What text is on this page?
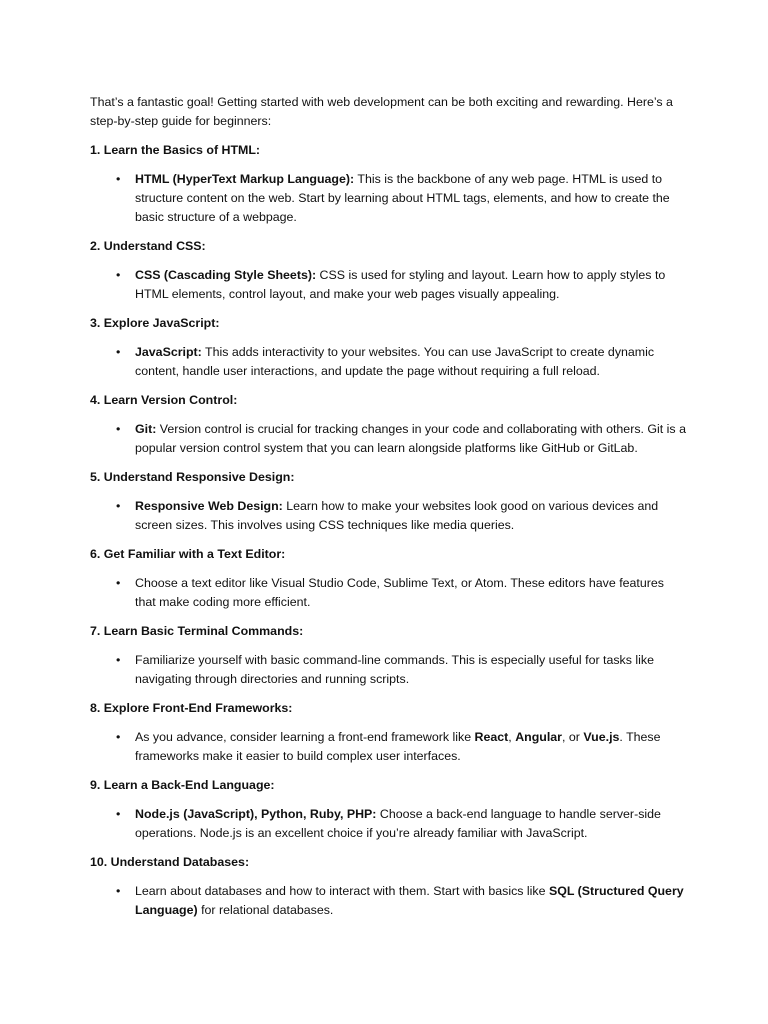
That’s a fantastic goal! Getting started with web development can be both exciting and rewarding. Here’s a step-by-step guide for beginners:

1. Learn the Basics of HTML:

• HTML (HyperText Markup Language): This is the backbone of any web page. HTML is used to structure content on the web. Start by learning about HTML tags, elements, and how to create the basic structure of a webpage.

2. Understand CSS:

• CSS (Cascading Style Sheets): CSS is used for styling and layout. Learn how to apply styles to HTML elements, control layout, and make your web pages visually appealing.

3. Explore JavaScript:

• JavaScript: This adds interactivity to your websites. You can use JavaScript to create dynamic content, handle user interactions, and update the page without requiring a full reload.

4. Learn Version Control:

• Git: Version control is crucial for tracking changes in your code and collaborating with others. Git is a popular version control system that you can learn alongside platforms like GitHub or GitLab.

5. Understand Responsive Design:

• Responsive Web Design: Learn how to make your websites look good on various devices and screen sizes. This involves using CSS techniques like media queries.

6. Get Familiar with a Text Editor:

• Choose a text editor like Visual Studio Code, Sublime Text, or Atom. These editors have features that make coding more efficient.

7. Learn Basic Terminal Commands:

• Familiarize yourself with basic command-line commands. This is especially useful for tasks like navigating through directories and running scripts.

8. Explore Front-End Frameworks:

• As you advance, consider learning a front-end framework like React, Angular, or Vue.js. These frameworks make it easier to build complex user interfaces.

9. Learn a Back-End Language:

• Node.js (JavaScript), Python, Ruby, PHP: Choose a back-end language to handle server-side operations. Node.js is an excellent choice if you’re already familiar with JavaScript.

10. Understand Databases:

• Learn about databases and how to interact with them. Start with basics like SQL (Structured Query Language) for relational databases.
